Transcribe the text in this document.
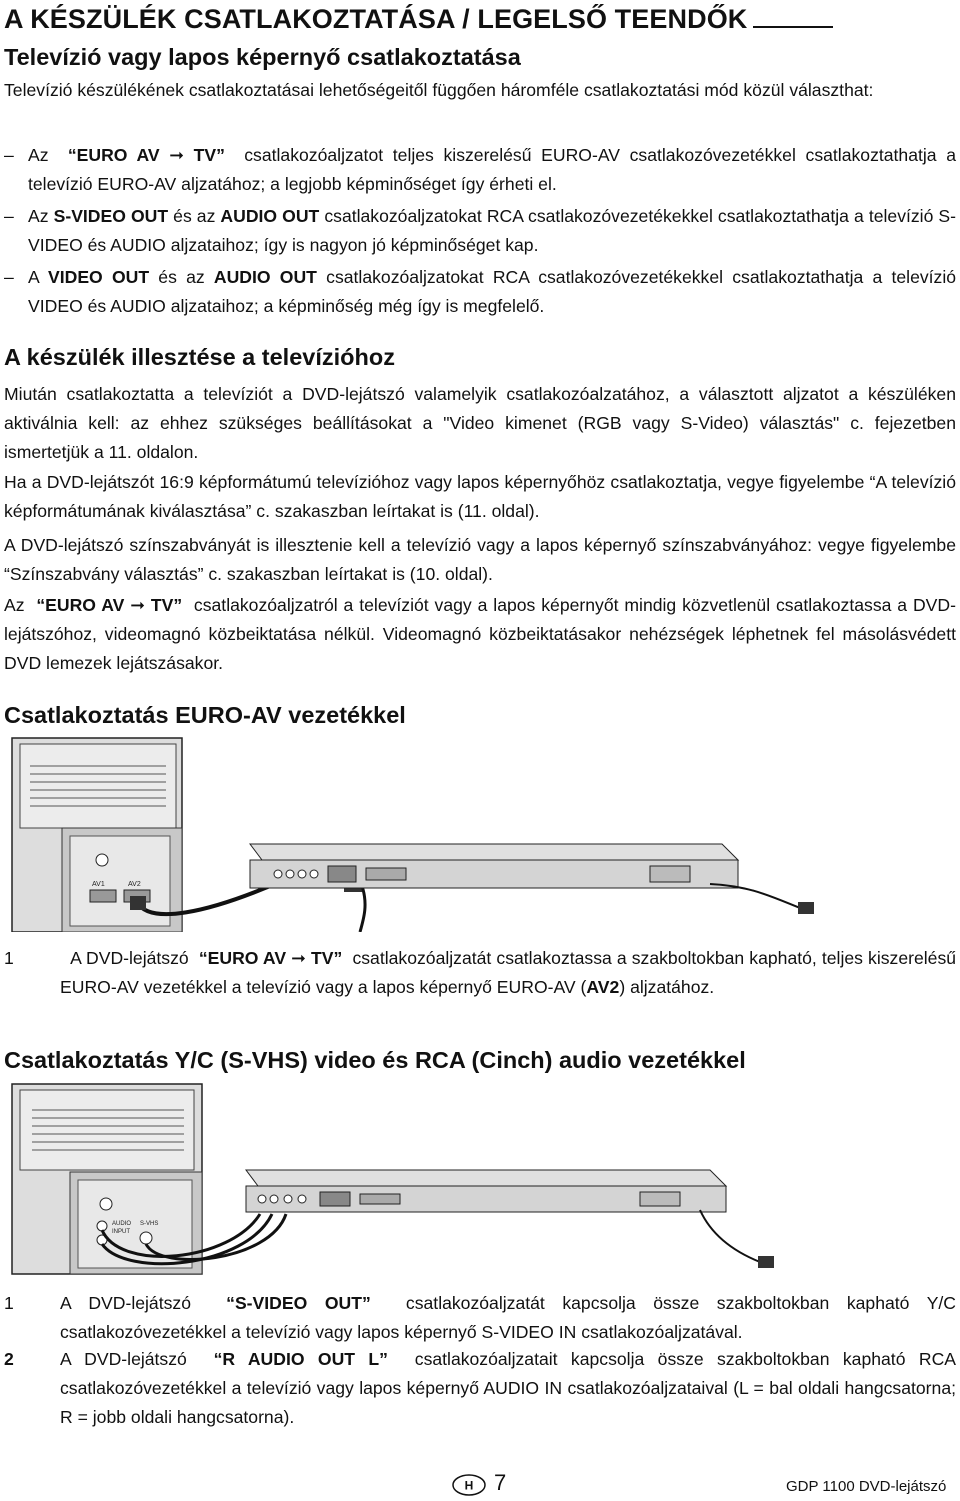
A KÉSZÜLÉK CSATLAKOZTATÁSA / LEGELSŐ TEENDŐK
Televízió vagy lapos képernyő csatlakoztatása
Televízió készülékének csatlakoztatásai lehetőségeitől függően háromféle csatlakoztatási mód közül választhat:
– Az “EURO AV ➞ TV” csatlakozóaljzatot teljes kiszerelésű EURO-AV csatlakozóvezetékkel csatlakoztathatja a televízió EURO-AV aljzatához; a legjobb képminőséget így érheti el.
– Az S-VIDEO OUT és az AUDIO OUT csatlakozóaljzatokat RCA csatlakozóvezetékekkel csatlakoztathatja a televízió S-VIDEO és AUDIO aljzataihoz; így is nagyon jó képminőséget kap.
– A VIDEO OUT és az AUDIO OUT csatlakozóaljzatokat RCA csatlakozóvezetékekkel csatlakoztathatja a televízió VIDEO és AUDIO aljzataihoz; a képminőség még így is megfelelő.
A készülék illesztése a televízióhoz
Miután csatlakoztatta a televíziót a DVD-lejátszó valamelyik csatlakozóalzatához, a választott aljzatot a készüléken aktiválnia kell: az ehhez szükséges beállításokat a "Video kimenet (RGB vagy S-Video) választás" c. fejezetben ismertetjük a 11. oldalon.
Ha a DVD-lejátszót 16:9 képformátumú televízióhoz vagy lapos képernyőhöz csatlakoztatja, vegye figyelembe “A televízió képformátumának kiválasztása” c. szakaszban leírtakat is (11. oldal).
A DVD-lejátszó színszabványát is illesztenie kell a televízió vagy a lapos képernyő színszabványához: vegye figyelembe “Színszabvány választás” c. szakaszban leírtakat is (10. oldal).
Az “EURO AV ➞ TV” csatlakozóaljzatról a televíziót vagy a lapos képernyőt mindig közvetlenül csatlakoztassa a DVD-lejátszóhoz, videomagnó közbeiktatása nélkül. Videomagnó közbeiktatásakor nehézségek léphetnek fel másolásvédett DVD lemezek lejátszásakor.
Csatlakoztatás EURO-AV vezetékkel
AV1	AV2
1	A DVD-lejátszó “EURO AV ➞ TV” csatlakozóaljzatát csatlakoztassa a szakboltokban kapható, teljes kiszerelésű EURO-AV vezetékkel a televízió vagy a lapos képernyő EURO-AV (AV2) aljzatához.
Csatlakoztatás Y/C (S-VHS) video és RCA (Cinch) audio vezetékkel
AUDIO
INPUT
S-VHS
1	A DVD-lejátszó “S-VIDEO OUT” csatlakozóaljzatát kapcsolja össze szakboltokban kapható Y/C csatlakozóvezetékkel a televízió vagy lapos képernyő S-VIDEO IN csatlakozóaljzatával.
2	A DVD-lejátszó “R AUDIO OUT L” csatlakozóaljzatait kapcsolja össze szakboltokban kapható RCA csatlakozóvezetékkel a televízió vagy lapos képernyő AUDIO IN csatlakozóaljzataival (L = bal oldali hangcsatorna; R = jobb oldali hangcsatorna).
H 7	GDP 1100 DVD-lejátszó
